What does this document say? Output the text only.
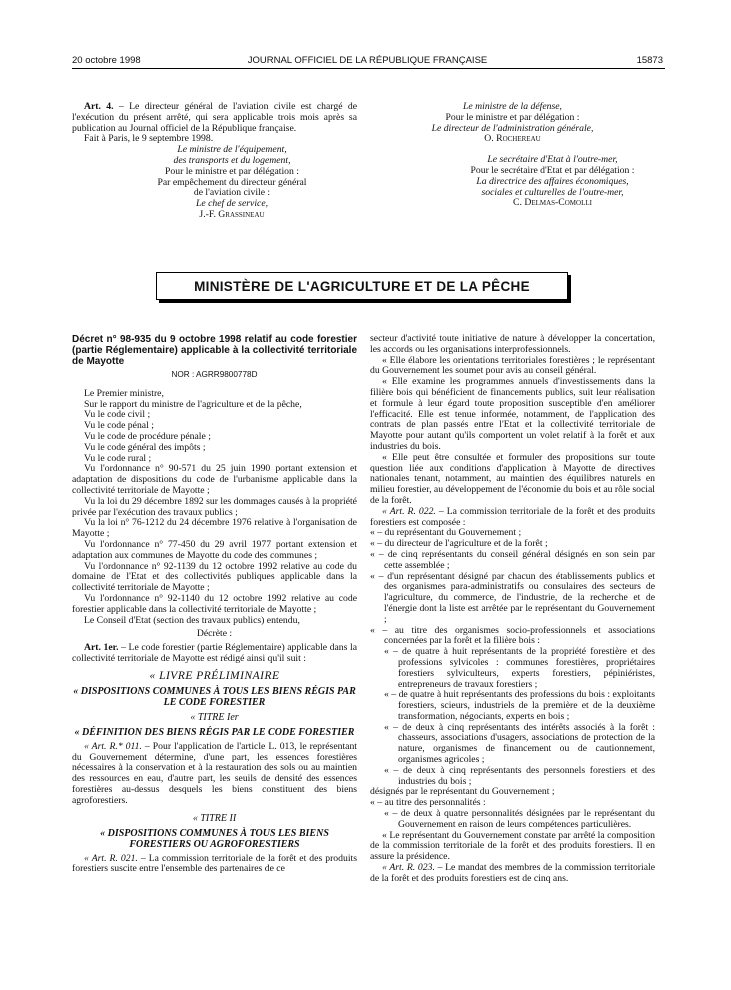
20 octobre 1998	JOURNAL OFFICIEL DE LA RÉPUBLIQUE FRANÇAISE	15873

Art. 4. – Le directeur général de l'aviation civile est chargé de l'exécution du présent arrêté, qui sera applicable trois mois après sa publication au Journal officiel de la République française.

Fait à Paris, le 9 septembre 1998.

Le ministre de l'équipement,

des transports et du logement,

Pour le ministre et par délégation :

Par empêchement du directeur général

de l'aviation civile :

Le chef de service,

J.-F. Grassineau

Le ministre de la défense,

Pour le ministre et par délégation :

Le directeur de l'administration générale,

O. Rochereau

Le secrétaire d'Etat à l'outre-mer,

Pour le secrétaire d'Etat et par délégation :

La directrice des affaires économiques,

sociales et culturelles de l'outre-mer,

C. Delmas-Comolli

MINISTÈRE DE L'AGRICULTURE ET DE LA PÊCHE

Décret n° 98-935 du 9 octobre 1998 relatif au code forestier (partie Réglementaire) applicable à la collectivité territoriale de Mayotte

NOR : AGRR9800778D

Le Premier ministre,

Sur le rapport du ministre de l'agriculture et de la pêche,

Vu le code civil ;

Vu le code pénal ;

Vu le code de procédure pénale ;

Vu le code général des impôts ;

Vu le code rural ;

Vu l'ordonnance n° 90-571 du 25 juin 1990 portant extension et adaptation de dispositions du code de l'urbanisme applicable dans la collectivité territoriale de Mayotte ;

Vu la loi du 29 décembre 1892 sur les dommages causés à la propriété privée par l'exécution des travaux publics ;

Vu la loi n° 76-1212 du 24 décembre 1976 relative à l'organisation de Mayotte ;

Vu l'ordonnance n° 77-450 du 29 avril 1977 portant extension et adaptation aux communes de Mayotte du code des communes ;

Vu l'ordonnance n° 92-1139 du 12 octobre 1992 relative au code du domaine de l'Etat et des collectivités publiques applicable dans la collectivité territoriale de Mayotte ;

Vu l'ordonnance n° 92-1140 du 12 octobre 1992 relative au code forestier applicable dans la collectivité territoriale de Mayotte ;

Le Conseil d'Etat (section des travaux publics) entendu,

Décrète :

Art. 1er. – Le code forestier (partie Réglementaire) applicable dans la collectivité territoriale de Mayotte est rédigé ainsi qu'il suit :

« LIVRE PRÉLIMINAIRE

« DISPOSITIONS COMMUNES À TOUS LES BIENS RÉGIS PAR LE CODE FORESTIER

« TITRE Ier

« DÉFINITION DES BIENS RÉGIS PAR LE CODE FORESTIER

« Art. R.* 011. – Pour l'application de l'article L. 013, le représentant du Gouvernement détermine, d'une part, les essences forestières nécessaires à la conservation et à la restauration des sols ou au maintien des ressources en eau, d'autre part, les seuils de densité des essences forestières au-dessus desquels les biens constituent des biens agroforestiers.

« TITRE II

« DISPOSITIONS COMMUNES À TOUS LES BIENS FORESTIERS OU AGROFORESTIERS

« Art. R. 021. – La commission territoriale de la forêt et des produits forestiers suscite entre l'ensemble des partenaires de ce

secteur d'activité toute initiative de nature à développer la concertation, les accords ou les organisations interprofessionnels.

« Elle élabore les orientations territoriales forestières ; le représentant du Gouvernement les soumet pour avis au conseil général.

« Elle examine les programmes annuels d'investissements dans la filière bois qui bénéficient de financements publics, suit leur réalisation et formule à leur égard toute proposition susceptible d'en améliorer l'efficacité. Elle est tenue informée, notamment, de l'application des contrats de plan passés entre l'Etat et la collectivité territoriale de Mayotte pour autant qu'ils comportent un volet relatif à la forêt et aux industries du bois.

« Elle peut être consultée et formuler des propositions sur toute question liée aux conditions d'application à Mayotte de directives nationales tenant, notamment, au maintien des équilibres naturels en milieu forestier, au développement de l'économie du bois et au rôle social de la forêt.

« Art. R. 022. – La commission territoriale de la forêt et des produits forestiers est composée :

« – du représentant du Gouvernement ;

« – du directeur de l'agriculture et de la forêt ;

« – de cinq représentants du conseil général désignés en son sein par cette assemblée ;

« – d'un représentant désigné par chacun des établissements publics et des organismes para-administratifs ou consulaires des secteurs de l'agriculture, du commerce, de l'industrie, de la recherche et de l'énergie dont la liste est arrêtée par le représentant du Gouvernement ;

« – au titre des organismes socio-professionnels et associations concernées par la forêt et la filière bois :

« – de quatre à huit représentants de la propriété forestière et des professions sylvicoles : communes forestières, propriétaires forestiers sylviculteurs, experts forestiers, pépiniéristes, entrepreneurs de travaux forestiers ;

« – de quatre à huit représentants des professions du bois : exploitants forestiers, scieurs, industriels de la première et de la deuxième transformation, négociants, experts en bois ;

« – de deux à cinq représentants des intérêts associés à la forêt : chasseurs, associations d'usagers, associations de protection de la nature, organismes de financement ou de cautionnement, organismes agricoles ;

« – de deux à cinq représentants des personnels forestiers et des industries du bois ;

désignés par le représentant du Gouvernement ;

« – au titre des personnalités :

« – de deux à quatre personnalités désignées par le représentant du Gouvernement en raison de leurs compétences particulières.

« Le représentant du Gouvernement constate par arrêté la composition de la commission territoriale de la forêt et des produits forestiers. Il en assure la présidence.

« Art. R. 023. – Le mandat des membres de la commission territoriale de la forêt et des produits forestiers est de cinq ans.
